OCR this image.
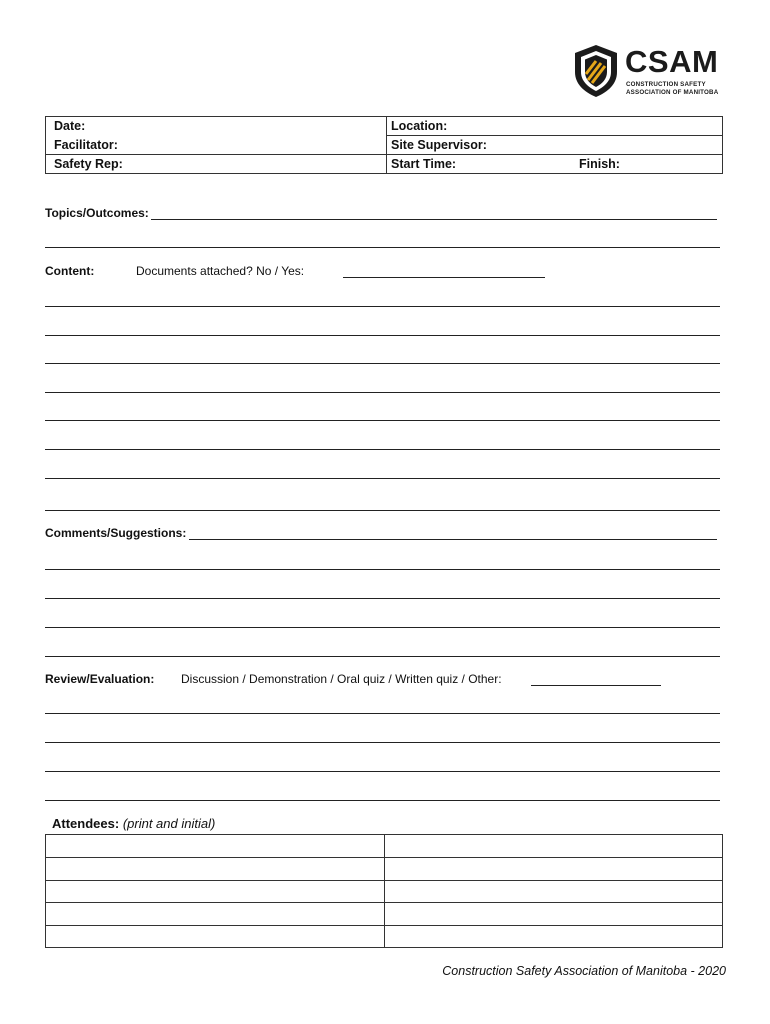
CSAM
CONSTRUCTION SAFETY
ASSOCIATION OF MANITOBA
Date:
Facilitator:
Safety Rep:
Location:
Site Supervisor:
Start Time:	Finish:
Topics/Outcomes:
Content:	Documents attached? No / Yes:
Comments/Suggestions:
Review/Evaluation: Discussion / Demonstration / Oral quiz / Written quiz / Other:
Attendees: (print and initial)
Construction Safety Association of Manitoba - 2020
